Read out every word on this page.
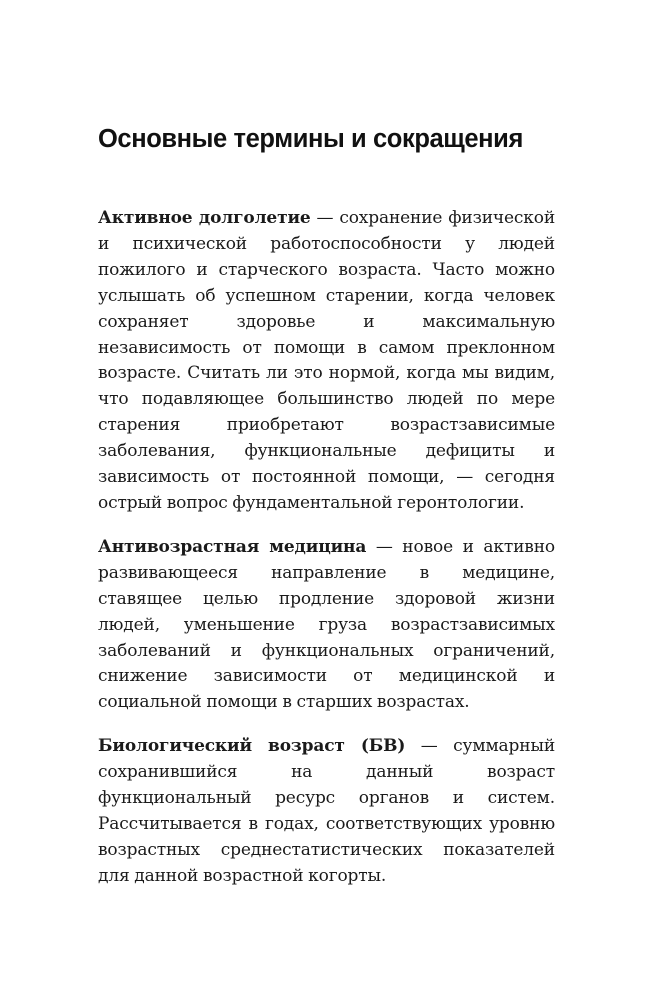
Основные термины и сокращения

Активное долголетие — сохранение физической и психической работоспособности у людей пожилого и старческого возраста. Часто можно услышать об успешном старении, когда человек сохраняет здоровье и максимальную независимость от помощи в самом преклонном возрасте. Считать ли это нормой, когда мы видим, что подавляющее большинство людей по мере старения приобретают возрастзависимые заболевания, функциональные дефициты и зависимость от постоянной помощи, — сегодня острый вопрос фундаментальной геронтологии.

Антивозрастная медицина — новое и активно развивающееся направление в медицине, ставящее целью продление здоровой жизни людей, уменьшение груза возрастзависимых заболеваний и функциональных ограничений, снижение зависимости от медицинской и социальной помощи в старших возрастах.

Биологический возраст (БВ) — суммарный сохранившийся на данный возраст функциональный ресурс органов и систем. Рассчитывается в годах, соответствующих уровню возрастных среднестатистических показателей для данной возрастной когорты.
